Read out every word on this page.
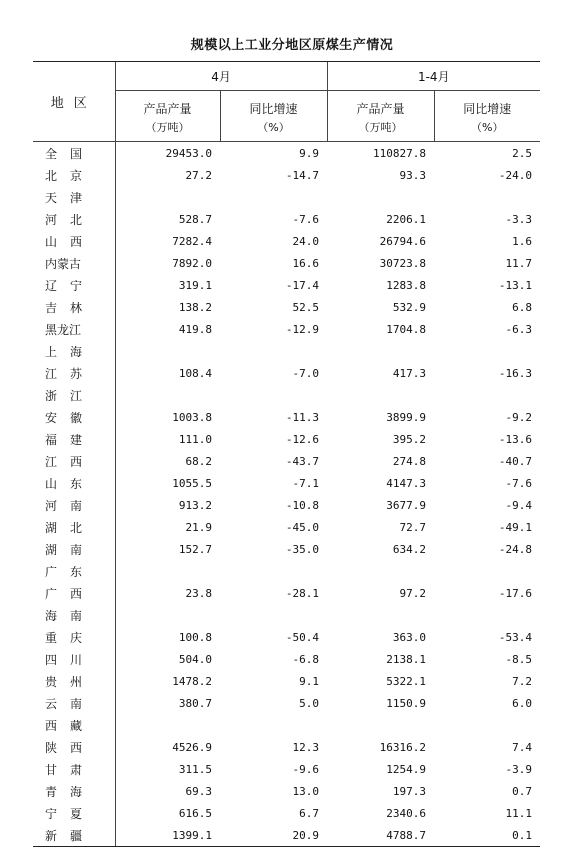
规模以上工业分地区原煤生产情况
地区	4月		1-4月	
	产品产量	同比增速	产品产量	同比增速
	（万吨）	（%）	（万吨）	（%）
全国	29453.0	9.9	110827.8	2.5
北京	27.2	-14.7	93.3	-24.0
天津				
河北	528.7	-7.6	2206.1	-3.3
山西	7282.4	24.0	26794.6	1.6
内蒙古	7892.0	16.6	30723.8	11.7
辽宁	319.1	-17.4	1283.8	-13.1
吉林	138.2	52.5	532.9	6.8
黑龙江	419.8	-12.9	1704.8	-6.3
上海				
江苏	108.4	-7.0	417.3	-16.3
浙江				
安徽	1003.8	-11.3	3899.9	-9.2
福建	111.0	-12.6	395.2	-13.6
江西	68.2	-43.7	274.8	-40.7
山东	1055.5	-7.1	4147.3	-7.6
河南	913.2	-10.8	3677.9	-9.4
湖北	21.9	-45.0	72.7	-49.1
湖南	152.7	-35.0	634.2	-24.8
广东				
广西	23.8	-28.1	97.2	-17.6
海南				
重庆	100.8	-50.4	363.0	-53.4
四川	504.0	-6.8	2138.1	-8.5
贵州	1478.2	9.1	5322.1	7.2
云南	380.7	5.0	1150.9	6.0
西藏				
陕西	4526.9	12.3	16316.2	7.4
甘肃	311.5	-9.6	1254.9	-3.9
青海	69.3	13.0	197.3	0.7
宁夏	616.5	6.7	2340.6	11.1
新疆	1399.1	20.9	4788.7	0.1
